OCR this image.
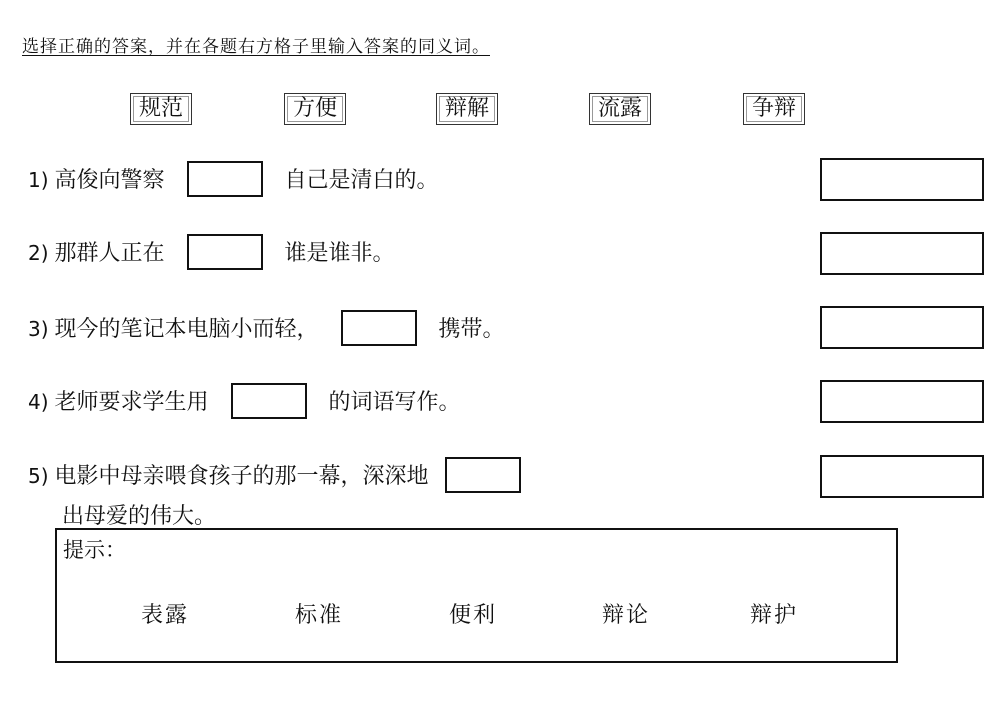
选择正确的答案，并在各题右方格子里输入答案的同义词。
规范	方便	辩解	流露	争辩
1) 高俊向警察	自己是清白的。
2) 那群人正在	谁是谁非。
3) 现今的笔记本电脑小而轻，	携带。
4) 老师要求学生用	的词语写作。
5) 电影中母亲喂食孩子的那一幕，深深地
出母爱的伟大。
提示：
表露	标准	便利	辩论	辩护
